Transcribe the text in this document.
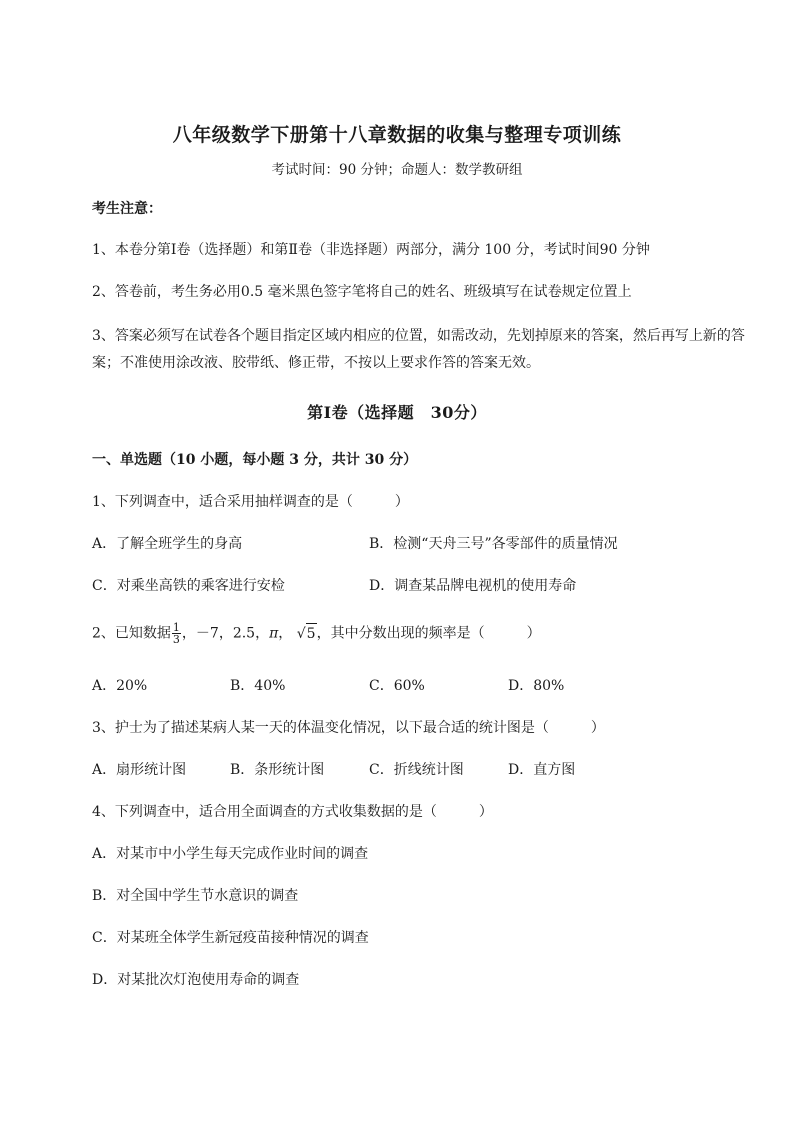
八年级数学下册第十八章数据的收集与整理专项训练
考试时间：90 分钟；命题人：数学教研组
考生注意：
1、本卷分第Ⅰ卷（选择题）和第Ⅱ卷（非选择题）两部分，满分 100 分，考试时间90 分钟
2、答卷前，考生务必用0.5 毫米黑色签字笔将自己的姓名、班级填写在试卷规定位置上
3、答案必须写在试卷各个题目指定区域内相应的位置，如需改动，先划掉原来的答案，然后再写上新的答案；不准使用涂改液、胶带纸、修正带，不按以上要求作答的答案无效。
第Ⅰ卷（选择题　30分）
一、单选题（10 小题，每小题 3 分，共计 30 分）
1、下列调查中，适合采用抽样调查的是（　　　）
A．了解全班学生的身高	B．检测“天舟三号”各零部件的质量情况
C．对乘坐高铁的乘客进行安检	D．调查某品牌电视机的使用寿命
2、已知数据 $\frac{1}{3}$ ，－7，2.5，π， √5，其中分数出现的频率是（　　　）
A．20%	B．40%	C．60%	D．80%
3、护士为了描述某病人某一天的体温变化情况，以下最合适的统计图是（　　　）
A．扇形统计图	B．条形统计图	C．折线统计图	D．直方图
4、下列调查中，适合用全面调查的方式收集数据的是（　　　）
A．对某市中小学生每天完成作业时间的调查
B．对全国中学生节水意识的调查
C．对某班全体学生新冠疫苗接种情况的调查
D．对某批次灯泡使用寿命的调查
